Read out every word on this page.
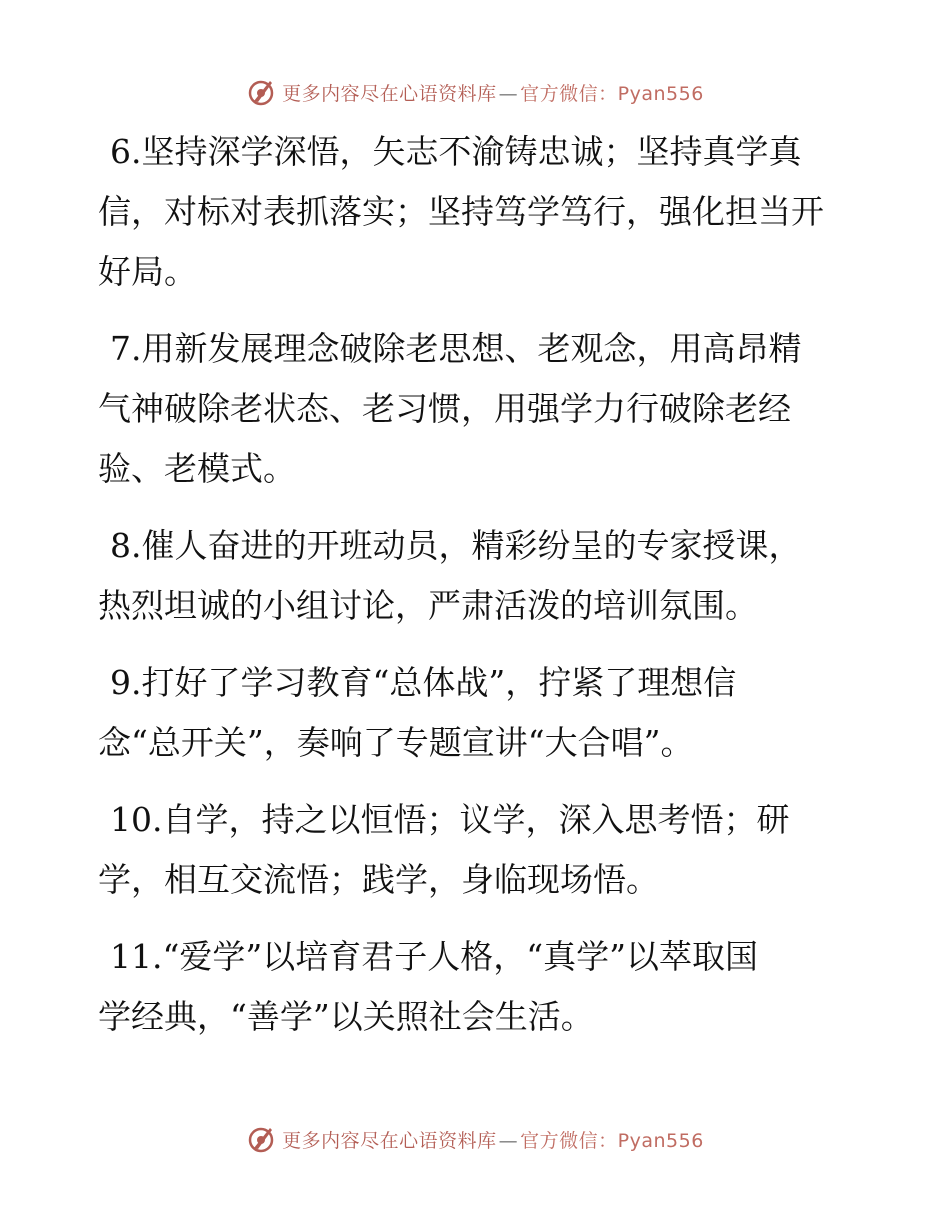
更多内容尽在心语资料库 — 官方微信：Pyan556

6.坚持深学深悟，矢志不渝铸忠诚；坚持真学真
信，对标对表抓落实；坚持笃学笃行，强化担当开
好局。

7.用新发展理念破除老思想、老观念，用高昂精
气神破除老状态、老习惯，用强学力行破除老经
验、老模式。

8.催人奋进的开班动员，精彩纷呈的专家授课，
热烈坦诚的小组讨论，严肃活泼的培训氛围。

9.打好了学习教育“总体战”，拧紧了理想信
念“总开关”，奏响了专题宣讲“大合唱”。

10.自学，持之以恒悟；议学，深入思考悟；研
学，相互交流悟；践学，身临现场悟。

11.“爱学”以培育君子人格，“真学”以萃取国
学经典，“善学”以关照社会生活。

更多内容尽在心语资料库 — 官方微信：Pyan556
